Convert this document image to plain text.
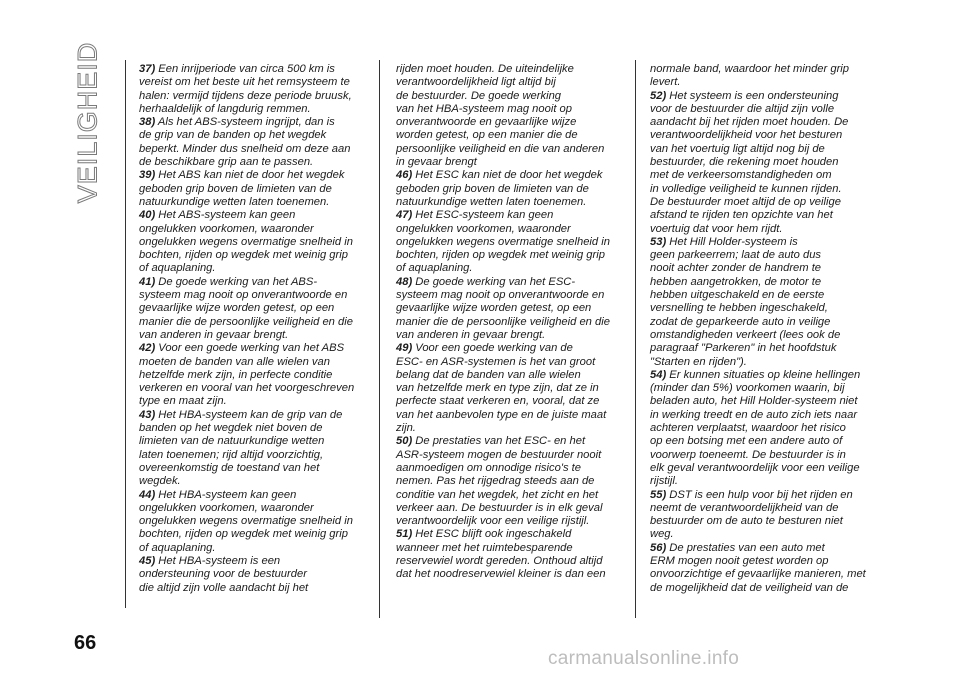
VEILIGHEID	37) Een inrijperiode van circa 500 km is
vereist om het beste uit het remsysteem te
halen: vermijd tijdens deze periode bruusk,
herhaaldelijk of langdurig remmen.
38) Als het ABS-systeem ingrijpt, dan is
de grip van de banden op het wegdek
beperkt. Minder dus snelheid om deze aan
de beschikbare grip aan te passen.
39) Het ABS kan niet de door het wegdek
geboden grip boven de limieten van de
natuurkundige wetten laten toenemen.
40) Het ABS-systeem kan geen
ongelukken voorkomen, waaronder
ongelukken wegens overmatige snelheid in
bochten, rijden op wegdek met weinig grip
of aquaplaning.
41) De goede werking van het ABS-
systeem mag nooit op onverantwoorde en
gevaarlijke wijze worden getest, op een
manier die de persoonlijke veiligheid en die
van anderen in gevaar brengt.
42) Voor een goede werking van het ABS
moeten de banden van alle wielen van
hetzelfde merk zijn, in perfecte conditie
verkeren en vooral van het voorgeschreven
type en maat zijn.
43) Het HBA-systeem kan de grip van de
banden op het wegdek niet boven de
limieten van de natuurkundige wetten
laten toenemen; rijd altijd voorzichtig,
overeenkomstig de toestand van het
wegdek.
44) Het HBA-systeem kan geen
ongelukken voorkomen, waaronder
ongelukken wegens overmatige snelheid in
bochten, rijden op wegdek met weinig grip
of aquaplaning.
45) Het HBA-systeem is een
ondersteuning voor de bestuurder
die altijd zijn volle aandacht bij het
rijden moet houden. De uiteindelijke
verantwoordelijkheid ligt altijd bij
de bestuurder. De goede werking
van het HBA-systeem mag nooit op
onverantwoorde en gevaarlijke wijze
worden getest, op een manier die de
persoonlijke veiligheid en die van anderen
in gevaar brengt
46) Het ESC kan niet de door het wegdek
geboden grip boven de limieten van de
natuurkundige wetten laten toenemen.
47) Het ESC-systeem kan geen
ongelukken voorkomen, waaronder
ongelukken wegens overmatige snelheid in
bochten, rijden op wegdek met weinig grip
of aquaplaning.
48) De goede werking van het ESC-
systeem mag nooit op onverantwoorde en
gevaarlijke wijze worden getest, op een
manier die de persoonlijke veiligheid en die
van anderen in gevaar brengt.
49) Voor een goede werking van de
ESC- en ASR-systemen is het van groot
belang dat de banden van alle wielen
van hetzelfde merk en type zijn, dat ze in
perfecte staat verkeren en, vooral, dat ze
van het aanbevolen type en de juiste maat
zijn.
50) De prestaties van het ESC- en het
ASR-systeem mogen de bestuurder nooit
aanmoedigen om onnodige risico's te
nemen. Pas het rijgedrag steeds aan de
conditie van het wegdek, het zicht en het
verkeer aan. De bestuurder is in elk geval
verantwoordelijk voor een veilige rijstijl.
51) Het ESC blijft ook ingeschakeld
wanneer met het ruimtebesparende
reservewiel wordt gereden. Onthoud altijd
dat het noodreservewiel kleiner is dan een
normale band, waardoor het minder grip
levert.
52) Het systeem is een ondersteuning
voor de bestuurder die altijd zijn volle
aandacht bij het rijden moet houden. De
verantwoordelijkheid voor het besturen
van het voertuig ligt altijd nog bij de
bestuurder, die rekening moet houden
met de verkeersomstandigheden om
in volledige veiligheid te kunnen rijden.
De bestuurder moet altijd de op veilige
afstand te rijden ten opzichte van het
voertuig dat voor hem rijdt.
53) Het Hill Holder-systeem is
geen parkeerrem; laat de auto dus
nooit achter zonder de handrem te
hebben aangetrokken, de motor te
hebben uitgeschakeld en de eerste
versnelling te hebben ingeschakeld,
zodat de geparkeerde auto in veilige
omstandigheden verkeert (lees ook de
paragraaf "Parkeren" in het hoofdstuk
"Starten en rijden").
54) Er kunnen situaties op kleine hellingen
(minder dan 5%) voorkomen waarin, bij
beladen auto, het Hill Holder-systeem niet
in werking treedt en de auto zich iets naar
achteren verplaatst, waardoor het risico
op een botsing met een andere auto of
voorwerp toeneemt. De bestuurder is in
elk geval verantwoordelijk voor een veilige
rijstijl.
55) DST is een hulp voor bij het rijden en
neemt de verantwoordelijkheid van de
bestuurder om de auto te besturen niet
weg.
56) De prestaties van een auto met
ERM mogen nooit getest worden op
onvoorzichtige ef gevaarlijke manieren, met
de mogelijkheid dat de veiligheid van de
66
carmanualsonline.info
